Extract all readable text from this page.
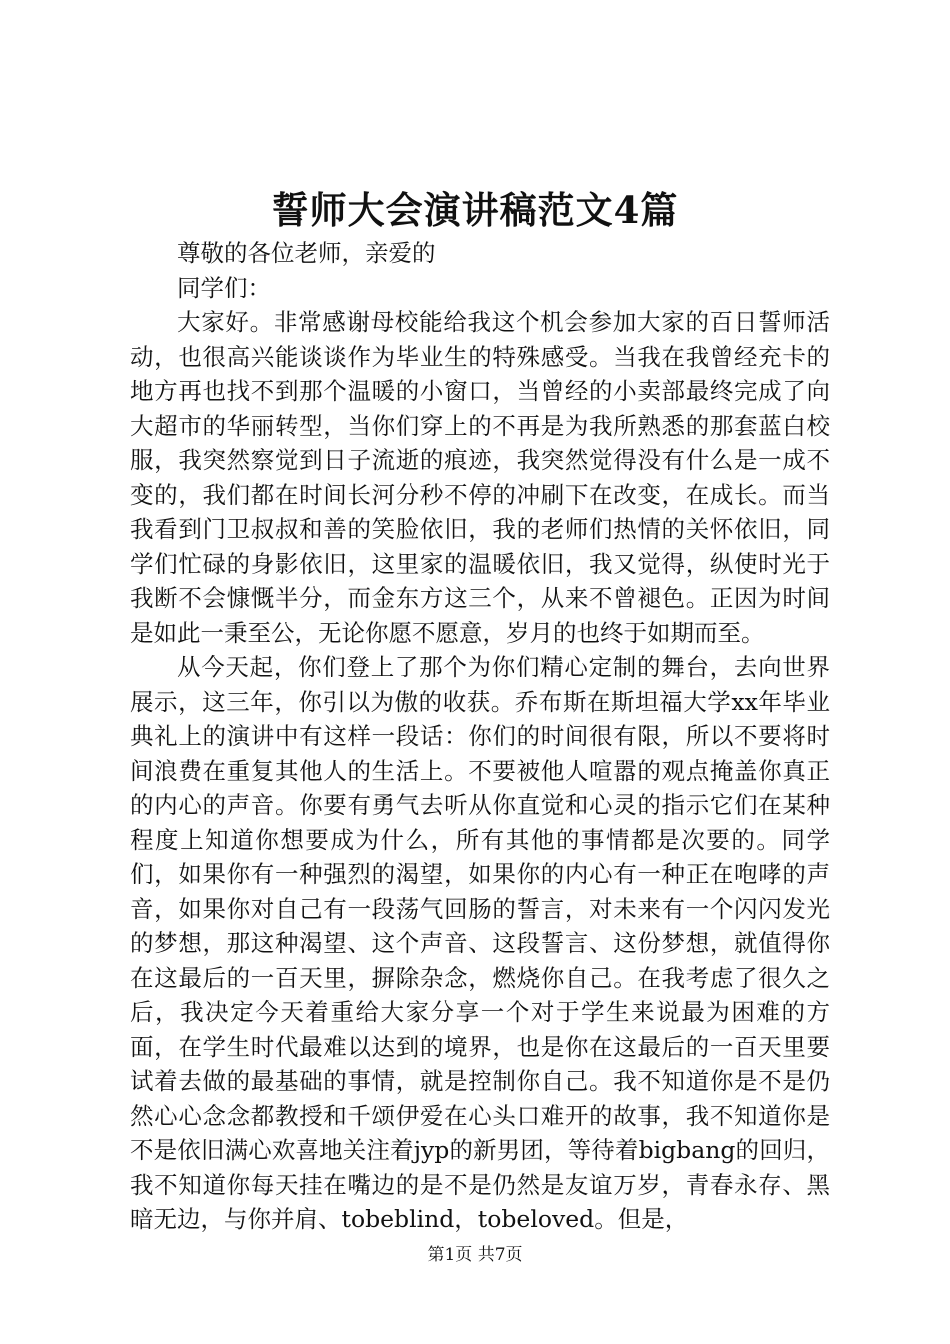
誓师大会演讲稿范文4篇

尊敬的各位老师，亲爱的

同学们：

大家好。非常感谢母校能给我这个机会参加大家的百日誓师活动，也很高兴能谈谈作为毕业生的特殊感受。当我在我曾经充卡的地方再也找不到那个温暖的小窗口，当曾经的小卖部最终完成了向大超市的华丽转型，当你们穿上的不再是为我所熟悉的那套蓝白校服，我突然察觉到日子流逝的痕迹，我突然觉得没有什么是一成不变的，我们都在时间长河分秒不停的冲刷下在改变，在成长。而当我看到门卫叔叔和善的笑脸依旧，我的老师们热情的关怀依旧，同学们忙碌的身影依旧，这里家的温暖依旧，我又觉得，纵使时光于我断不会慷慨半分，而金东方这三个，从来不曾褪色。正因为时间是如此一秉至公，无论你愿不愿意，岁月的也终于如期而至。

从今天起，你们登上了那个为你们精心定制的舞台，去向世界展示，这三年，你引以为傲的收获。乔布斯在斯坦福大学xx年毕业典礼上的演讲中有这样一段话：你们的时间很有限，所以不要将时间浪费在重复其他人的生活上。不要被他人喧嚣的观点掩盖你真正的内心的声音。你要有勇气去听从你直觉和心灵的指示它们在某种程度上知道你想要成为什么，所有其他的事情都是次要的。同学们，如果你有一种强烈的渴望，如果你的内心有一种正在咆哮的声音，如果你对自己有一段荡气回肠的誓言，对未来有一个闪闪发光的梦想，那这种渴望、这个声音、这段誓言、这份梦想，就值得你在这最后的一百天里，摒除杂念，燃烧你自己。在我考虑了很久之后，我决定今天着重给大家分享一个对于学生来说最为困难的方面，在学生时代最难以达到的境界，也是你在这最后的一百天里要试着去做的最基础的事情，就是控制你自己。我不知道你是不是仍然心心念念都教授和千颂伊爱在心头口难开的故事，我不知道你是不是依旧满心欢喜地关注着jyp的新男团，等待着bigbang的回归，我不知道你每天挂在嘴边的是不是仍然是友谊万岁，青春永存、黑暗无边，与你并肩、tobeblind，tobeloved。但是，

第1页 共7页
